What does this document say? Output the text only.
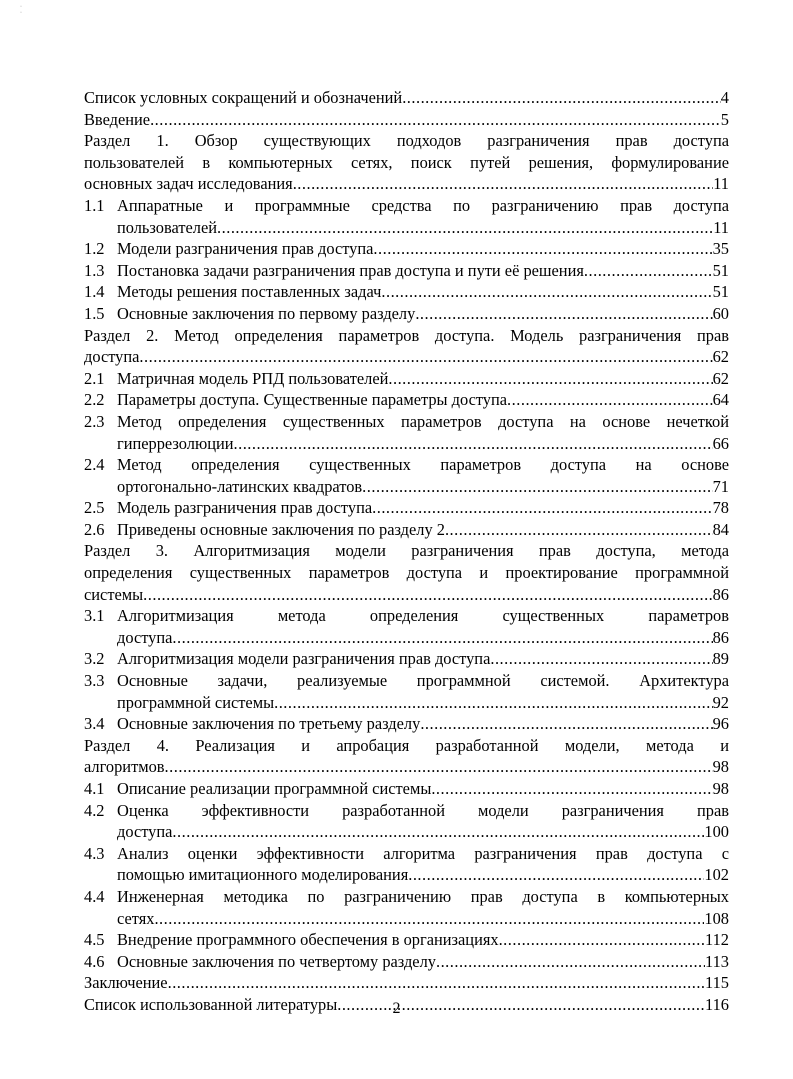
·
·
Список условных сокращений и обозначений .....	4
Введение .....	5
Раздел 1. Обзор существующих подходов разграничения прав доступа
пользователей в компьютерных сетях, поиск путей решения, формулирование
основных задач исследования .....	11
1.1 Аппаратные и программные средства по разграничению прав доступа
пользователей .....	11
1.2 Модели разграничения прав доступа .....	35
1.3 Постановка задачи разграничения прав доступа и пути её решения .....	51
1.4 Методы решения поставленных задач .....	51
1.5 Основные заключения по первому разделу .....	60
Раздел 2. Метод определения параметров доступа. Модель разграничения прав
доступа .....	62
2.1 Матричная модель РПД пользователей .....	62
2.2 Параметры доступа. Существенные параметры доступа .....	64
2.3 Метод определения существенных параметров доступа на основе нечеткой
гиперрезолюции .....	66
2.4 Метод определения существенных параметров доступа на основе
ортогонально-латинских квадратов .....	71
2.5 Модель разграничения прав доступа .....	78
2.6 Приведены основные заключения по разделу 2 .....	84
Раздел 3. Алгоритмизация модели разграничения прав доступа, метода
определения существенных параметров доступа и проектирование программной
системы .....	86
3.1 Алгоритмизация метода определения существенных параметров
доступа .....	86
3.2 Алгоритмизация модели разграничения прав доступа .....	89
3.3 Основные задачи, реализуемые программной системой. Архитектура
программной системы .....	92
3.4 Основные заключения по третьему разделу .....	96
Раздел 4. Реализация и апробация разработанной модели, метода и
алгоритмов .....	98
4.1 Описание реализации программной системы .....	98
4.2 Оценка эффективности разработанной модели разграничения прав
доступа .....	100
4.3 Анализ оценки эффективности алгоритма разграничения прав доступа с
помощью имитационного моделирования .....	102
4.4 Инженерная методика по разграничению прав доступа в компьютерных
сетях .....	108
4.5 Внедрение программного обеспечения в организациях .....	112
4.6 Основные заключения по четвертому разделу .....	113
Заключение .....	115
Список использованной литературы .....	116
2
